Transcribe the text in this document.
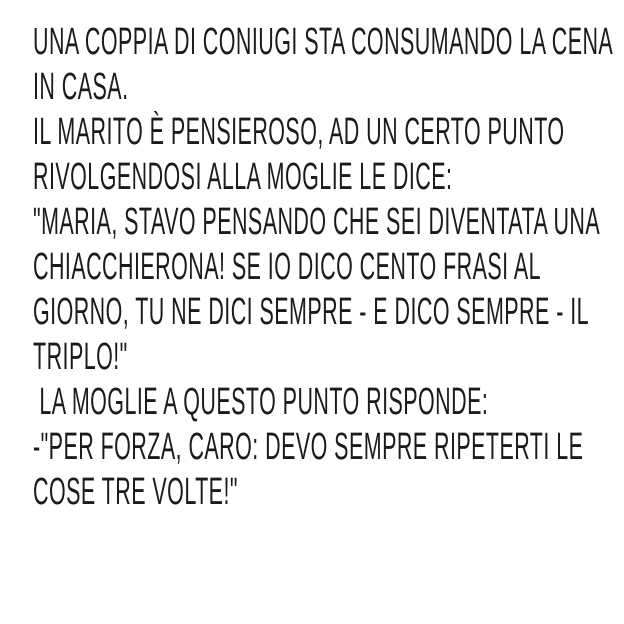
UNA COPPIA DI CONIUGI STA CONSUMANDO LA CENA
IN CASA.
IL MARITO È PENSIEROSO, AD UN CERTO PUNTO
RIVOLGENDOSI ALLA MOGLIE LE DICE:
"MARIA, STAVO PENSANDO CHE SEI DIVENTATA UNA
CHIACCHIERONA! SE IO DICO CENTO FRASI AL
GIORNO, TU NE DICI SEMPRE - E DICO SEMPRE - IL
TRIPLO!"
LA MOGLIE A QUESTO PUNTO RISPONDE:
-"PER FORZA, CARO: DEVO SEMPRE RIPETERTI LE
COSE TRE VOLTE!"
